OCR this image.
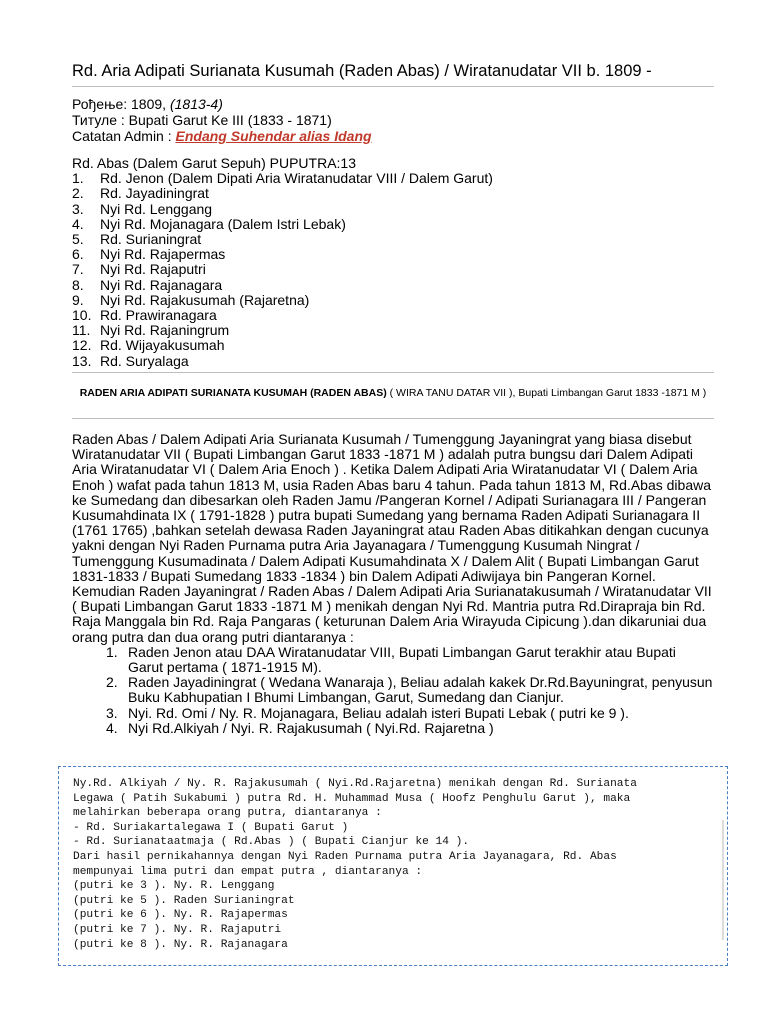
Rd. Aria Adipati Surianata Kusumah (Raden Abas) / Wiratanudatar VII b. 1809 -
Рођење: 1809, (1813-4)
Титуле : Bupati Garut Ke III (1833 - 1871)
Catatan Admin : Endang Suhendar alias Idang
Rd. Abas (Dalem Garut Sepuh) PUPUTRA:13
1.	Rd. Jenon (Dalem Dipati Aria Wiratanudatar VIII / Dalem Garut)
2.	Rd. Jayadiningrat
3.	Nyi Rd. Lenggang
4.	Nyi Rd. Mojanagara (Dalem Istri Lebak)
5.	Rd. Surianingrat
6.	Nyi Rd. Rajapermas
7.	Nyi Rd. Rajaputri
8.	Nyi Rd. Rajanagara
9.	Nyi Rd. Rajakusumah (Rajaretna)
10. Rd. Prawiranagara
11. Nyi Rd. Rajaningrum
12. Rd. Wijayakusumah
13. Rd. Suryalaga
RADEN ARIA ADIPATI SURIANATA KUSUMAH (RADEN ABAS) ( WIRA TANU DATAR VII ), Bupati Limbangan Garut 1833 -1871 M )

Raden Abas / Dalem Adipati Aria Surianata Kusumah / Tumenggung Jayaningrat yang biasa disebut Wiratanudatar VII ( Bupati Limbangan Garut 1833 -1871 M ) adalah putra bungsu dari Dalem Adipati Aria Wiratanudatar VI ( Dalem Aria Enoch ) . Ketika Dalem Adipati Aria Wiratanudatar VI ( Dalem Aria Enoh ) wafat pada tahun 1813 M, usia Raden Abas baru 4 tahun. Pada tahun 1813 M, Rd.Abas dibawa ke Sumedang dan dibesarkan oleh Raden Jamu /Pangeran Kornel / Adipati Surianagara III / Pangeran Kusumahdinata IX ( 1791-1828 ) putra bupati Sumedang yang bernama Raden Adipati Surianagara II (1761 1765) ,bahkan setelah dewasa Raden Jayaningrat atau Raden Abas ditikahkan dengan cucunya yakni dengan Nyi Raden Purnama putra Aria Jayanagara / Tumenggung Kusumah Ningrat / Tumenggung Kusumadinata / Dalem Adipati Kusumahdinata X / Dalem Alit ( Bupati Limbangan Garut 1831-1833 / Bupati Sumedang 1833 -1834 ) bin Dalem Adipati Adiwijaya bin Pangeran Kornel. Kemudian Raden Jayaningrat / Raden Abas / Dalem Adipati Aria Surianatakusumah / Wiratanudatar VII ( Bupati Limbangan Garut 1833 -1871 M ) menikah dengan Nyi Rd. Mantria putra Rd.Dirapraja bin Rd. Raja Manggala bin Rd. Raja Pangaras ( keturunan Dalem Aria Wirayuda Cipicung ).dan dikaruniai dua orang putra dan dua orang putri diantaranya :

1. Raden Jenon atau DAA Wiratanudatar VIII, Bupati Limbangan Garut terakhir atau Bupati Garut pertama ( 1871-1915 M).
2. Raden Jayadiningrat ( Wedana Wanaraja ), Beliau adalah kakek Dr.Rd.Bayuningrat, penyusun Buku Kabhupatian I Bhumi Limbangan, Garut, Sumedang dan Cianjur.
3. Nyi. Rd. Omi / Ny. R. Mojanagara, Beliau adalah isteri Bupati Lebak ( putri ke 9 ).
4. Nyi Rd.Alkiyah / Nyi. R. Rajakusumah ( Nyi.Rd. Rajaretna )
Ny.Rd. Alkiyah / Ny. R. Rajakusumah ( Nyi.Rd.Rajaretna) menikah dengan Rd. Surianata
Legawa ( Patih Sukabumi ) putra Rd. H. Muhammad Musa ( Hoofz Penghulu Garut ), maka
melahirkan beberapa orang putra, diantaranya :
- Rd. Suriakartalegawa I ( Bupati Garut )
- Rd. Surianataatmaja ( Rd.Abas ) ( Bupati Cianjur ke 14 ).
Dari hasil pernikahannya dengan Nyi Raden Purnama putra Aria Jayanagara, Rd. Abas
mempunyai lima putri dan empat putra , diantaranya :
(putri ke 3 ). Ny. R. Lenggang
(putri ke 5 ). Raden Surianingrat
(putri ke 6 ). Ny. R. Rajapermas
(putri ke 7 ). Ny. R. Rajaputri
(putri ke 8 ). Ny. R. Rajanagara
